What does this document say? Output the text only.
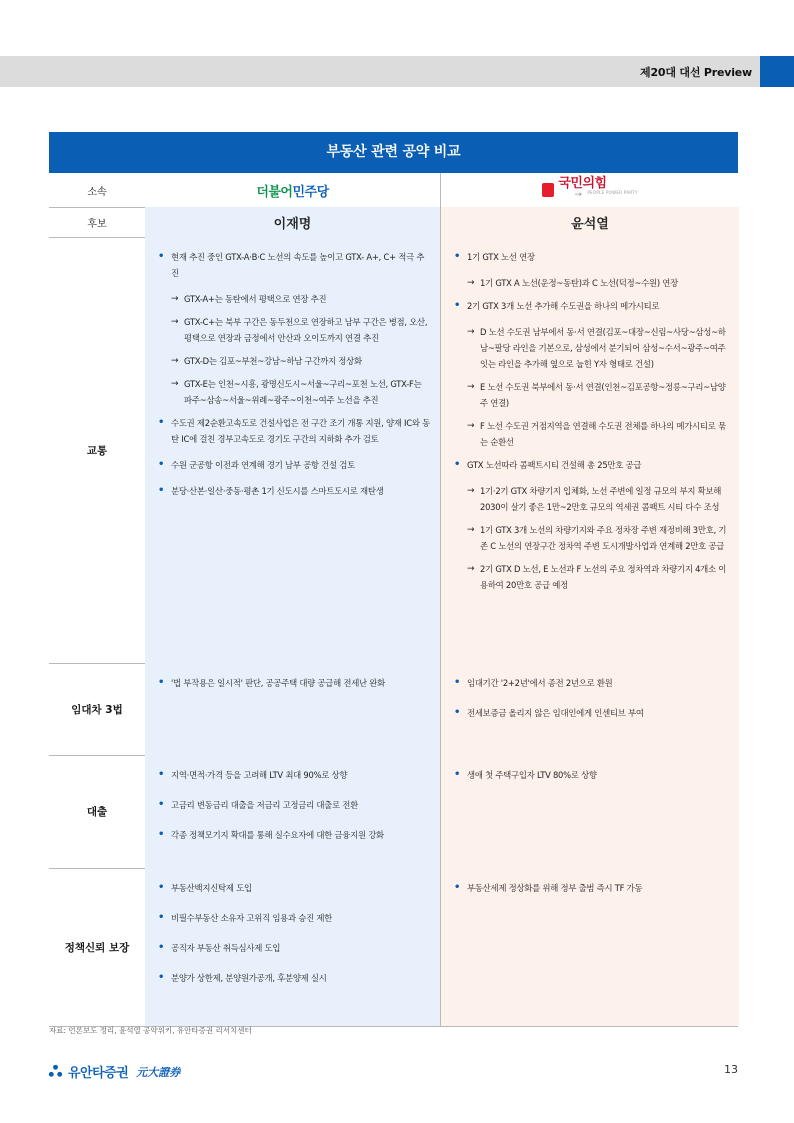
제20대 대선 Preview
부동산 관련 공약 비교
소속	더불어민주당
국민의힘
→ PEOPLE POWER PARTY
후보	이재명	윤석열
교통
• 현재 추진 중인 GTX-A·B·C 노선의 속도를 높이고 GTX- A+, C+ 적극 추진
→ GTX-A+는 동탄에서 평택으로 연장 추진
→ GTX-C+는 북부 구간은 동두천으로 연장하고 남부 구간은 병점, 오산, 평택으로 연장과 금정에서 안산과 오이도까지 연결 추진
→ GTX-D는 김포~부천~강남~하남 구간까지 정상화
→ GTX-E는 인천~시흥, 광명신도시~서울~구리~포천 노선, GTX-F는 파주~삼송~서울~위례~광주~이천~여주 노선을 추진
• 수도권 제2순환고속도로 건설사업은 전 구간 조기 개통 지원, 양재 IC와 동탄 IC에 걸친 경부고속도로 경기도 구간의 지하화 추가 검토
• 수원 군공항 이전과 연계해 경기 남부 공항 건설 검토
• 분당·산본·일산·중동·평촌 1기 신도시를 스마트도시로 재탄생
• 1기 GTX 노선 연장
→ 1기 GTX A 노선(운정~동탄)과 C 노선(덕정~수원) 연장
• 2기 GTX 3개 노선 추가해 수도권을 하나의 메가시티로
→ D 노선 수도권 남부에서 동·서 연결(김포~대장~신림~사당~삼성~하남~팔당 라인을 기본으로, 삼성에서 분기되어 삼성~수서~광주~여주 잇는 라인을 추가해 옆으로 눕힌 Y자 형태로 건설)
→ E 노선 수도권 북부에서 동·서 연결(인천~김포공항~정릉~구리~남양주 연결)
→ F 노선 수도권 거점지역을 연결해 수도권 전체를 하나의 메가시티로 묶는 순환선
• GTX 노선따라 콤팩트시티 건설해 총 25만호 공급
→ 1기·2기 GTX 차량기지 입체화, 노선 주변에 일정 규모의 부지 확보해 2030이 살기 좋은 1만~2만호 규모의 역세권 콤팩트 시티 다수 조성
→ 1기 GTX 3개 노선의 차량기지와 주요 정차장 주변 재정비해 3만호, 기존 C 노선의 연장구간 정차역 주변 도시개발사업과 연계해 2만호 공급
→ 2기 GTX D 노선, E 노선과 F 노선의 주요 정차역과 차량기지 4개소 이용하여 20만호 공급 예정
임대차 3법
• '법 부작용은 일시적' 판단, 공공주택 대량 공급해 전세난 완화
•	임대기간 '2+2년'에서 종전 2년으로 환원
• 전세보증금 올리지 않은 임대인에게 인센티브 부여
대출
• 지역·면적·가격 등을 고려해 LTV 최대 90%로 상향
• 고금리 변동금리 대출을 저금리 고정금리 대출로 전환
• 각종 정책모기지 확대를 통해 실수요자에 대한 금융지원 강화
• 생애 첫 주택구입자 LTV 80%로 상향
정책신뢰 보장
• 부동산백지신탁제 도입
• 비필수부동산 소유자 고위직 임용과 승진 제한
• 공직자 부동산 취득심사제 도입
• 분양가 상한제, 분양원가공개, 후분양제 실시
• 부동산세제 정상화를 위해 정부 출범 즉시 TF 가동
자료: 언론보도 정리, 윤석열 공약위키, 유안타증권 리서치센터
유안타증권 元大證券	13
